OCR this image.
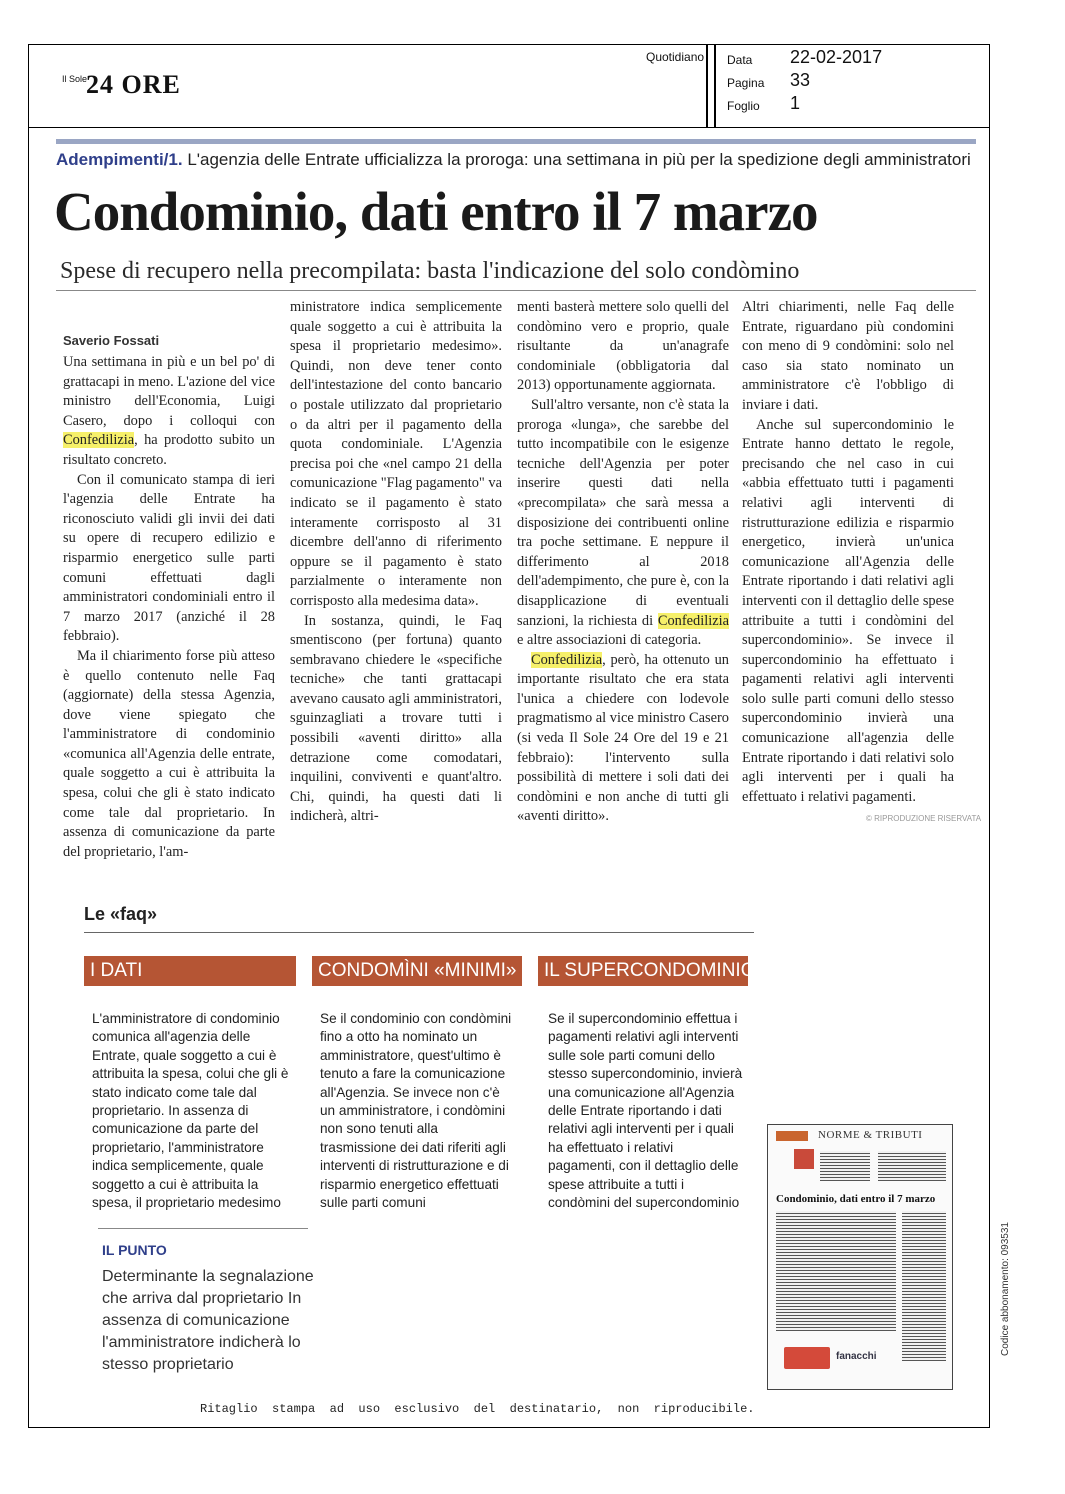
Il Sole
24 ORE
Quotidiano Data 22-02-2017
Pagina 33
Foglio 1
Adempimenti/1. L'agenzia delle Entrate ufficializza la proroga: una settimana in più per la spedizione degli amministratori
Condominio, dati entro il 7 marzo
Spese di recupero nella precompilata: basta l'indicazione del solo condòmino
Saverio Fossati

Una settimana in più e un bel po' di grattacapi in meno. L'azione del vice ministro dell'Economia, Luigi Casero, dopo i colloqui con Confedilizia, ha prodotto subito un risultato concreto.

Con il comunicato stampa di ieri l'agenzia delle Entrate ha riconosciuto validi gli invii dei dati su opere di recupero edilizio e risparmio energetico sulle parti comuni effettuati dagli amministratori condominiali entro il 7 marzo 2017 (anziché il 28 febbraio).

Ma il chiarimento forse più atteso è quello contenuto nelle Faq (aggiornate) della stessa Agenzia, dove viene spiegato che l'amministratore di condominio «comunica all'Agenzia delle entrate, quale soggetto a cui è attribuita la spesa, colui che gli è stato indicato come tale dal proprietario. In assenza di comunicazione da parte del proprietario, l'am-

ministratore indica semplicemente quale soggetto a cui è attribuita la spesa il proprietario medesimo». Quindi, non deve tener conto dell'intestazione del conto bancario o postale utilizzato dal proprietario o da altri per il pagamento della quota condominiale. L'Agenzia precisa poi che «nel campo 21 della comunicazione "Flag pagamento" va indicato se il pagamento è stato interamente corrisposto al 31 dicembre dell'anno di riferimento oppure se il pagamento è stato parzialmente o interamente non corrisposto alla medesima data».

In sostanza, quindi, le Faq smentiscono (per fortuna) quanto sembravano chiedere le «specifiche tecniche» che tanti grattacapi avevano causato agli amministratori, sguinzagliati a trovare tutti i possibili «aventi diritto» alla detrazione come comodatari, inquilini, conviventi e quant'altro. Chi, quindi, ha questi dati li indicherà, altri-

menti basterà mettere solo quelli del condòmino vero e proprio, quale risultante da un'anagrafe condominiale (obbligatoria dal 2013) opportunamente aggiornata.

Sull'altro versante, non c'è stata la proroga «lunga», che sarebbe del tutto incompatibile con le esigenze tecniche dell'Agenzia per poter inserire questi dati nella «precompilata» che sarà messa a disposizione dei contribuenti online tra poche settimane. E neppure il differimento al 2018 dell'adempimento, che pure è, con la disapplicazione di eventuali sanzioni, la richiesta di Confedilizia e altre associazioni di categoria.

Confedilizia, però, ha ottenuto un importante risultato che era stata l'unica a chiedere con lodevole pragmatismo al vice ministro Casero (si veda Il Sole 24 Ore del 19 e 21 febbraio): l'intervento sulla possibilità di mettere i soli dati dei condòmini e non anche di tutti gli «aventi diritto».

Altri chiarimenti, nelle Faq delle Entrate, riguardano più condomini con meno di 9 condòmini: solo nel caso sia stato nominato un amministratore c'è l'obbligo di inviare i dati.

Anche sul supercondominio le Entrate hanno dettato le regole, precisando che nel caso in cui «abbia effettuato tutti i pagamenti relativi agli interventi di ristrutturazione edilizia e risparmio energetico, invierà un'unica comunicazione all'Agenzia delle Entrate riportando i dati relativi agli interventi con il dettaglio delle spese attribuite a tutti i condòmini del supercondominio». Se invece il supercondominio ha effettuato i pagamenti relativi agli interventi solo sulle parti comuni dello stesso supercondominio invierà una comunicazione all'agenzia delle Entrate riportando i dati relativi solo agli interventi per i quali ha effettuato i relativi pagamenti.

© RIPRODUZIONE RISERVATA
Le «faq»
I DATI	CONDOMÌNI «MINIMI»	IL SUPERCONDOMINIO
L'amministratore di condominio comunica all'agenzia delle Entrate, quale soggetto a cui è attribuita la spesa, colui che gli è stato indicato come tale dal proprietario. In assenza di comunicazione da parte del proprietario, l'amministratore indica semplicemente, quale soggetto a cui è attribuita la spesa, il proprietario medesimo
Se il condominio con condòmini fino a otto ha nominato un amministratore, quest'ultimo è tenuto a fare la comunicazione all'Agenzia. Se invece non c'è un amministratore, i condòmini non sono tenuti alla trasmissione dei dati riferiti agli interventi di ristrutturazione e di risparmio energetico effettuati sulle parti comuni
Se il supercondominio effettua i pagamenti relativi agli interventi sulle sole parti comuni dello stesso supercondominio, invierà una comunicazione all'Agenzia delle Entrate riportando i dati relativi agli interventi per i quali ha effettuato i relativi pagamenti, con il dettaglio delle spese attribuite a tutti i condòmini del supercondominio
IL PUNTO
Determinante la segnalazione che arriva dal proprietario In assenza di comunicazione l'amministratore indicherà lo stesso proprietario
NORME & TRIBUTI
Condominio, dati entro il 7 marzo
fanacchi
Codice abbonamento: 093531
Ritaglio  stampa  ad  uso  esclusivo  del  destinatario,  non  riproducibile.
